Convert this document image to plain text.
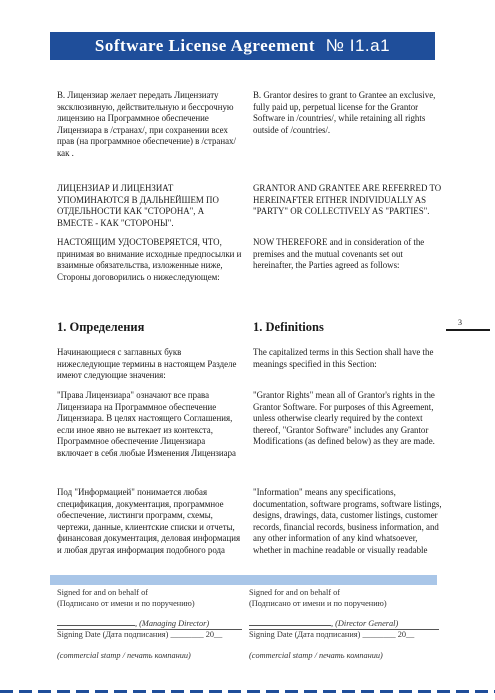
Software License Agreement № I1.a1

В. Лицензиар желает передать Лицензиату эксклюзивную, действительную и бессрочную лицензию на Программное обеспечение Лицензиара в /странах/, при сохранении всех прав (на программное обеспечение) в /странах/ как .

B. Grantor desires to grant to Grantee an exclusive, fully paid up, perpetual license for the Grantor Software in /countries/, while retaining all rights outside of /countries/.

ЛИЦЕНЗИАР И ЛИЦЕНЗИАТ УПОМИНАЮТСЯ В ДАЛЬНЕЙШЕМ ПО ОТДЕЛЬНОСТИ КАК "СТОРОНА", А ВМЕСТЕ - КАК "СТОРОНЫ".

GRANTOR AND GRANTEE ARE REFERRED TO HEREINAFTER EITHER INDIVIDUALLY AS "PARTY" OR COLLECTIVELY AS "PARTIES".

НАСТОЯЩИМ УДОСТОВЕРЯЕТСЯ, ЧТО, принимая во внимание исходные предпосылки и взаимные обязательства, изложенные ниже, Стороны договорились о нижеследующем:

NOW THEREFORE and in consideration of the premises and the mutual covenants set out hereinafter, the Parties agreed as follows:

1. Определения	1. Definitions	3

Начинающиеся с заглавных букв нижеследующие термины в настоящем Разделе имеют следующие значения:

The capitalized terms in this Section shall have the meanings specified in this Section:

"Права Лицензиара" означают все права Лицензиара на Программное обеспечение Лицензиара. В целях настоящего Соглашения, если иное явно не вытекает из контекста, Программное обеспечение Лицензиара включает в себя любые Изменения Лицензиара

"Grantor Rights" mean all of Grantor's rights in the Grantor Software. For purposes of this Agreement, unless otherwise clearly required by the context thereof, "Grantor Software" includes any Grantor Modifications (as defined below) as they are made.

Под "Информацией" понимается любая спецификация, документация, программное обеспечение, листинги программ, схемы, чертежи, данные, клиентские списки и отчеты, финансовая документация, деловая информация и любая другая информация подобного рода

"Information" means any specifications, documentation, software programs, software listings, designs, drawings, data, customer listings, customer records, financial records, business information, and any other information of any kind whatsoever, whether in machine readable or visually readable

Signed for and on behalf of
(Подписано от имени и по поручению)
, (Managing Director)
Signing Date (Дата подписания) ________ 20__
(commercial stamp / печать компании)
Signed for and on behalf of
(Подписано от имени и по поручению)
, (Director General)
Signing Date (Дата подписания) ________ 20__
(commercial stamp / печать компании)
